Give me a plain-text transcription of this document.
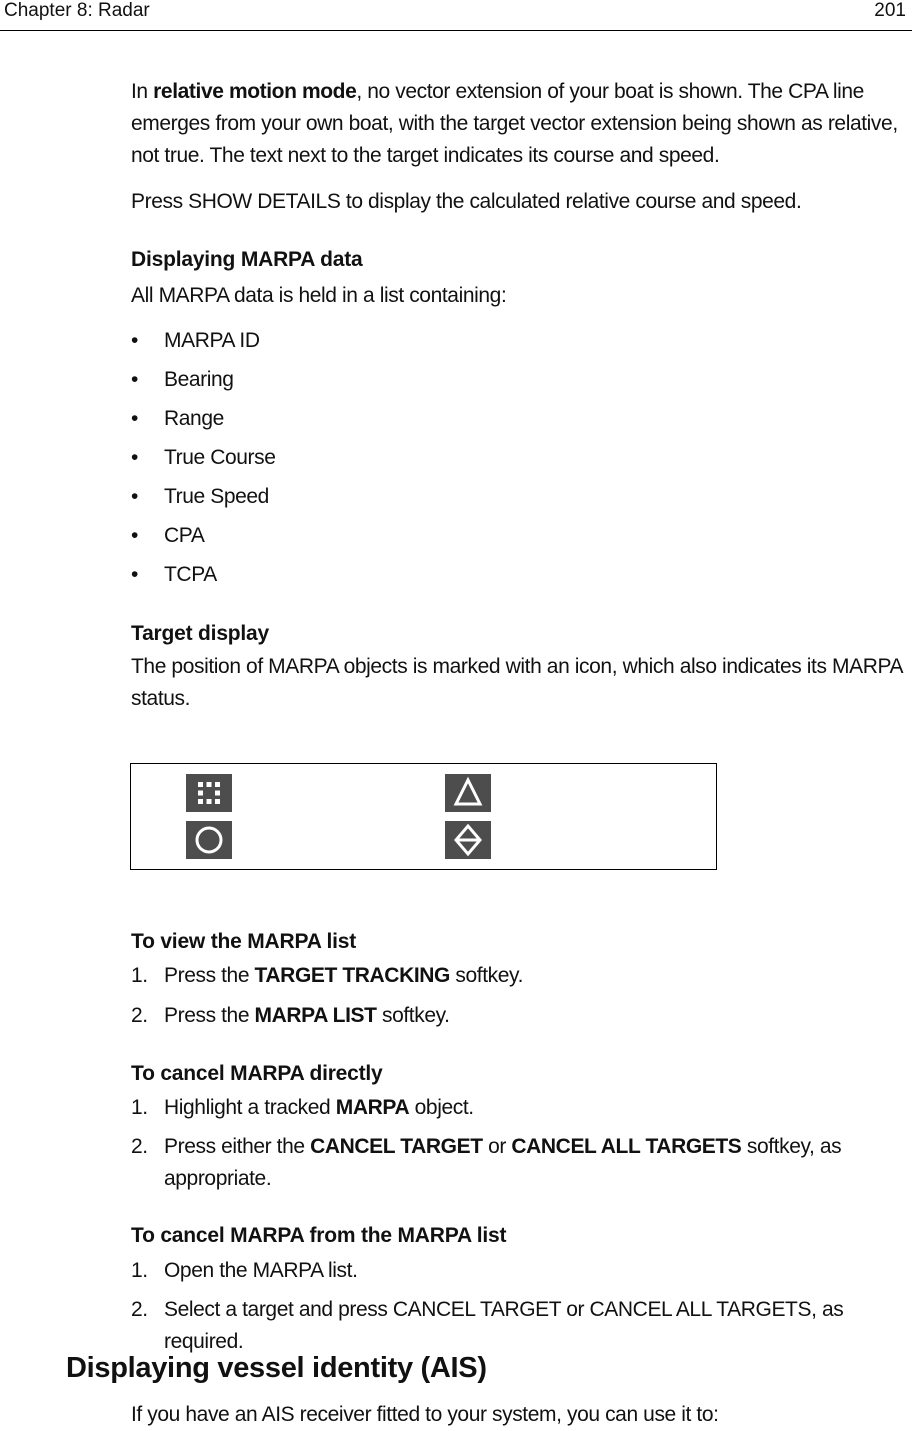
Chapter 8: Radar	201
In relative motion mode, no vector extension of your boat is shown. The CPA line emerges from your own boat, with the target vector extension being shown as relative, not true. The text next to the target indicates its course and speed.
Press SHOW DETAILS to display the calculated relative course and speed.
Displaying MARPA data
All MARPA data is held in a list containing:
• MARPA ID
• Bearing
• Range
• True Course
• True Speed
• CPA
• TCPA
Target display
The position of MARPA objects is marked with an icon, which also indicates its MARPA status.
To view the MARPA list
1. Press the TARGET TRACKING softkey.
2. Press the MARPA LIST softkey.
To cancel MARPA directly
1. Highlight a tracked MARPA object.
2. Press either the CANCEL TARGET or CANCEL ALL TARGETS softkey, as appropriate.
To cancel MARPA from the MARPA list
1. Open the MARPA list.
2. Select a target and press CANCEL TARGET or CANCEL ALL TARGETS, as required.
Displaying vessel identity (AIS)
If you have an AIS receiver fitted to your system, you can use it to:
